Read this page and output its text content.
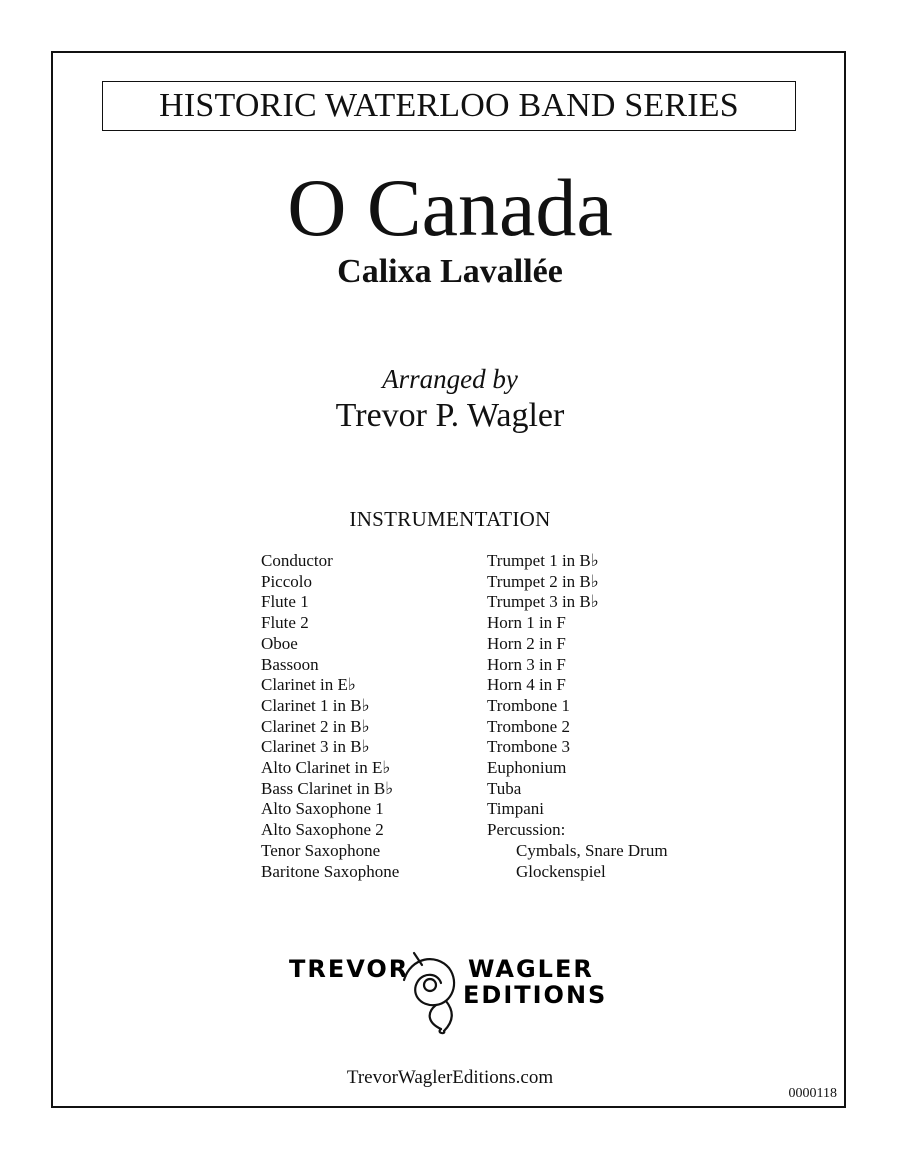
HISTORIC WATERLOO BAND SERIES
O Canada
Calixa Lavallée
Arranged by
Trevor P. Wagler
INSTRUMENTATION
Conductor
Piccolo
Flute 1
Flute 2
Oboe
Bassoon
Clarinet in E♭
Clarinet 1 in B♭
Clarinet 2 in B♭
Clarinet 3 in B♭
Alto Clarinet in E♭
Bass Clarinet in B♭
Alto Saxophone 1
Alto Saxophone 2
Tenor Saxophone
Baritone Saxophone
Trumpet 1 in B♭
Trumpet 2 in B♭
Trumpet 3 in B♭
Horn 1 in F
Horn 2 in F
Horn 3 in F
Horn 4 in F
Trombone 1
Trombone 2
Trombone 3
Euphonium
Tuba
Timpani
Percussion:
Cymbals, Snare Drum
Glockenspiel
TREVOR WAGLER
EDITIONS
TrevorWaglerEditions.com
0000118
